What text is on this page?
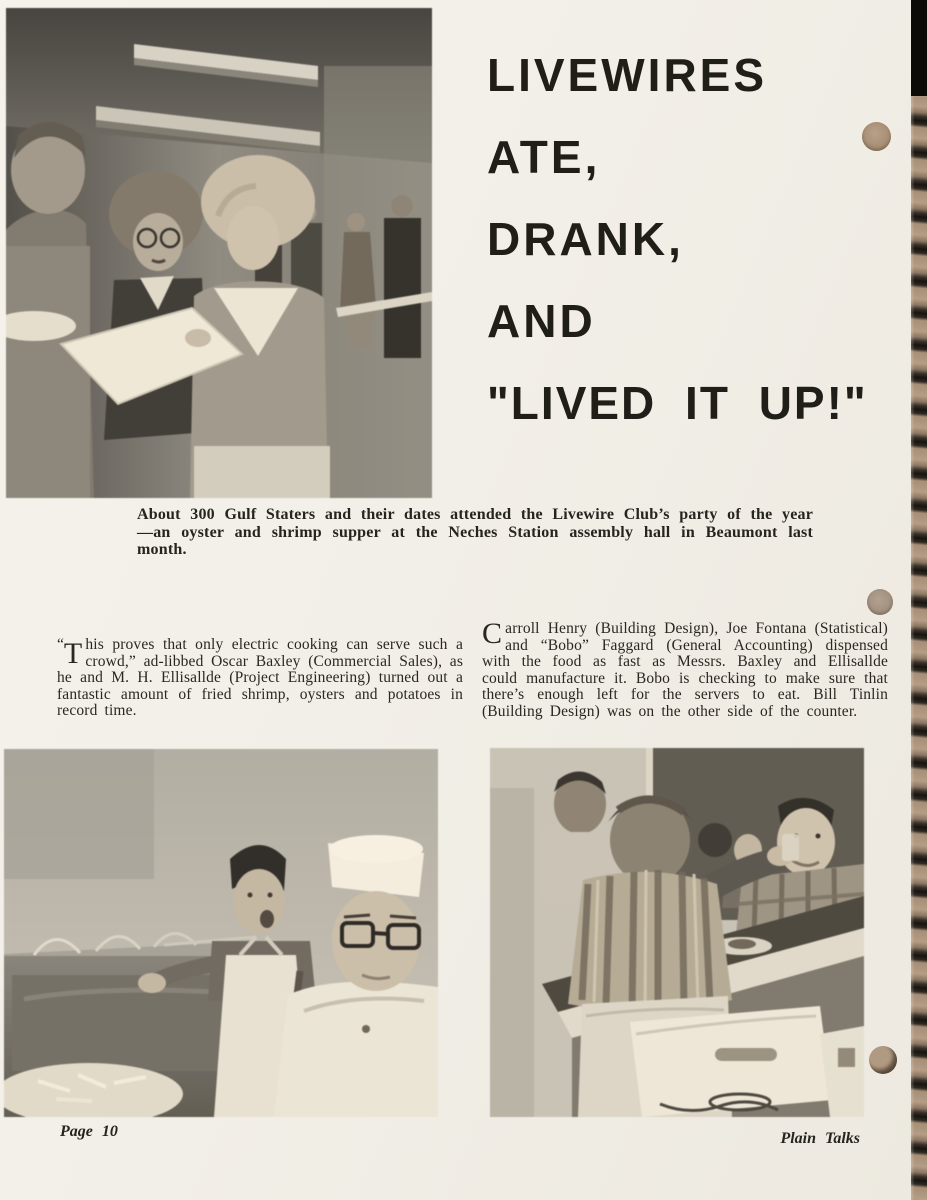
LIVEWIRES
ATE,
DRANK,
AND
"LIVED IT UP!"
About 300 Gulf Staters and their dates attended the Livewire Club’s party of the year—an oyster and shrimp supper at the Neches Station assembly hall in Beaumont last month.
“T his proves that only electric cooking can serve such a crowd,” ad-libbed Oscar Baxley (Commercial Sales), as he and M. H. Ellisallde (Project Engineering) turned out a fantastic amount of fried shrimp, oysters and potatoes in record time.
Carroll Henry (Building Design), Joe Fontana (Statistical) and “Bobo” Faggard (General Accounting) dispensed with the food as fast as Messrs. Baxley and Ellisallde could manufacture it. Bobo is checking to make sure that there’s enough left for the servers to eat. Bill Tinlin (Building Design) was on the other side of the counter.
Page 10	Plain Talks
